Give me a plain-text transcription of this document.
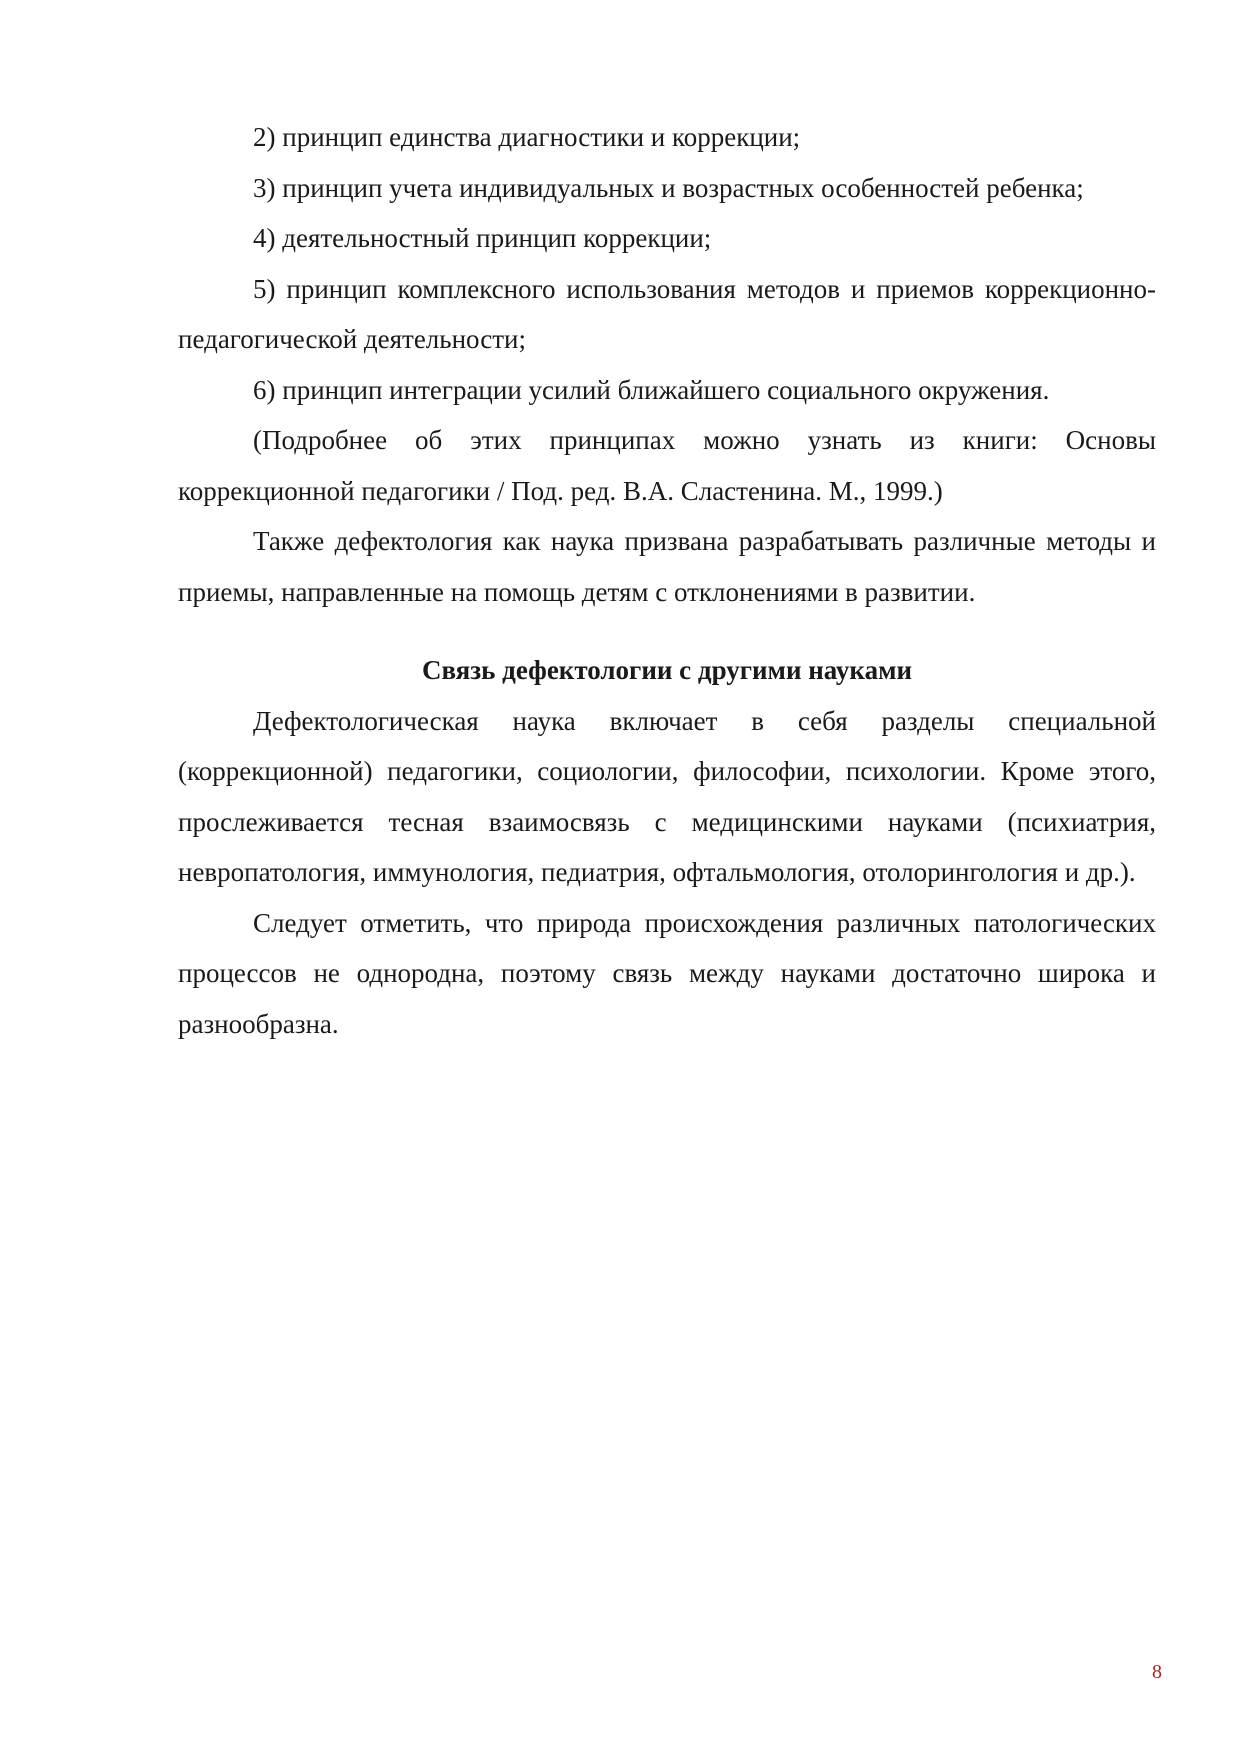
2) принцип единства диагностики и коррекции;

3) принцип учета индивидуальных и возрастных особенностей ребенка;

4) деятельностный принцип коррекции;

5) принцип комплексного использования методов и приемов коррекционно-педагогической деятельности;

6) принцип интеграции усилий ближайшего социального окружения.

(Подробнее об этих принципах можно узнать из книги: Основы коррекционной педагогики / Под. ред. В.А. Сластенина. М., 1999.)

Также дефектология как наука призвана разрабатывать различные методы и приемы, направленные на помощь детям с отклонениями в развитии.

Связь дефектологии с другими науками

Дефектологическая наука включает в себя разделы специальной (коррекционной) педагогики, социологии, философии, психологии. Кроме этого, прослеживается тесная взаимосвязь с медицинскими науками (психиатрия, невропатология, иммунология, педиатрия, офтальмология, отолорингология и др.).

Следует отметить, что природа происхождения различных патологических процессов не однородна, поэтому связь между науками достаточно широка и разнообразна.

8
